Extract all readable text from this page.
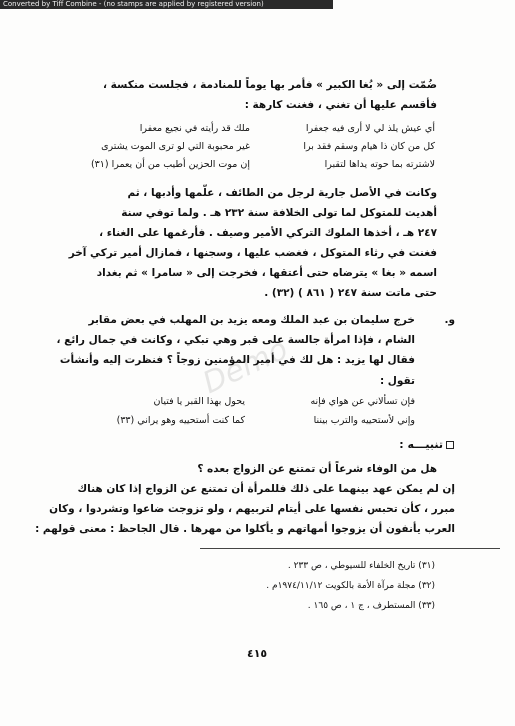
Converted by Tiff Combine - (no stamps are applied by registered version)
Demo
ضُمّت إلى « بُغا الكبير » فأمر بها يوماً للمنادمة ، فجلست منكسة ،
فأقسم عليها أن تغني ، فغنت كارهة :
أي عيش يلذ لي لا أرى فيه جعفرا
ملك قد رأيته في نجيع معفرا
كل من كان ذا هيام وسقم فقد برا
غير محبوبة التي لو ترى الموت يشترى
لاشترته بما حوته يداها لتقبرا
إن موت الحزين أطيب من أن يعمرا (٣١)
وكانت في الأصل جارية لرجل من الطائف ، علّمها وأدبها ، ثم
أهديت للمتوكل لما تولى الخلافة سنة ٢٣٢ هـ . ولما توفي سنة
٢٤٧ هـ ، أخذها الملوك التركي الأمير وصيف . فأرغمها على الغناء ،
فغنت في رثاء المتوكل ، فغضب عليها ، وسجنها ، فمازال أمير تركي آخر
اسمه « بغا » يترضاه حتى أعتقها ، فخرجت إلى « سامرا » ثم بغداد
حتى ماتت سنة ٢٤٧ ( ٨٦١ ) (٣٢) .
و.
خرج سليمان بن عبد الملك ومعه يزيد بن المهلب في بعض مقابر
الشام ، فإذا امرأة جالسة على قبر وهي تبكي ، وكانت في جمال رائع ،
فقال لها يزيد : هل لك في أمير المؤمنين زوجاً ؟ فنظرت إليه وأنشأت
تقول :
فإن تسألاني عن هواي فإنه
يحول بهذا القبر يا فتيان
وإني لأستحييه والترب بيننا
كما كنت أستحييه وهو يراني (٣٣)
تنبيـــه :
هل من الوفاء شرعاً أن تمتنع عن الزواج بعده ؟
إن لم يمكن عهد بينهما على ذلك فللمرأة أن تمتنع عن الزواج إذا كان هناك
مبرر ، كأن تحبس نفسها على أيتام لتربيهم ، ولو تزوجت ضاعوا وتشردوا ، وكان
العرب يأنفون أن يزوجوا أمهاتهم و يأكلوا من مهرها . قال الجاحظ : معنى قولهم :
(٣١) تاريخ الخلفاء للسيوطي ، ص ٢٣٣ .
(٣٢) مجلة مرآة الأمة بالكويت ١٩٧٤/١١/١٢م .
(٣٣) المستطرف ، ج ١ ، ص ١٦٥ .
٤١٥
